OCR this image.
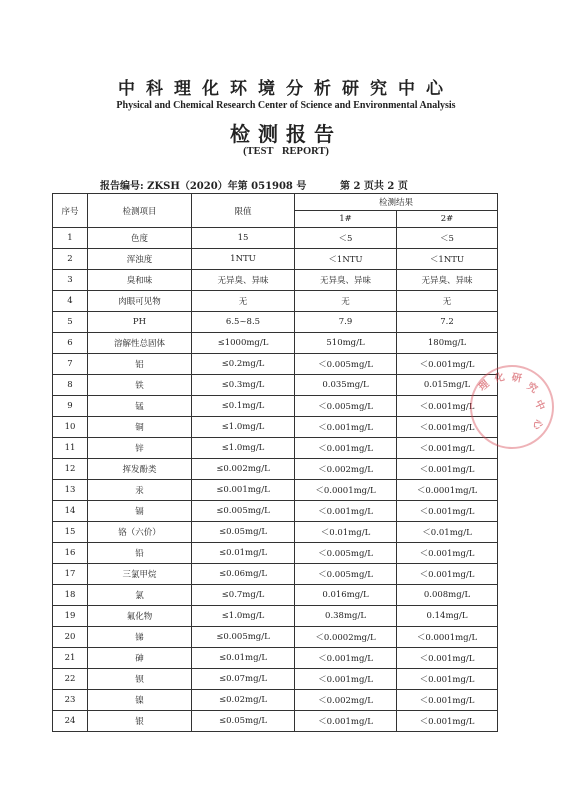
中科理化环境分析研究中心
Physical and Chemical Research Center of Science and Environmental Analysis
检测报告
(TEST REPORT)
报告编号: ZKSH（2020）年第 051908 号	第 2 页共 2 页
序号	检测项目	限值	检测结果	
			1#	2#
1	色度	15	＜5	＜5
2	浑浊度	1NTU	＜1NTU	＜1NTU
3	臭和味	无异臭、异味	无异臭、异味	无异臭、异味
4	肉眼可见物	无	无	无
5	PH	6.5~8.5	7.9	7.2
6	溶解性总固体	≤1000mg/L	510mg/L	180mg/L
7	铝	≤0.2mg/L	＜0.005mg/L	＜0.001mg/L
8	铁	≤0.3mg/L	0.035mg/L	0.015mg/L
9	锰	≤0.1mg/L	＜0.005mg/L	＜0.001mg/L
10	铜	≤1.0mg/L	＜0.001mg/L	＜0.001mg/L
11	锌	≤1.0mg/L	＜0.001mg/L	＜0.001mg/L
12	挥发酚类	≤0.002mg/L	＜0.002mg/L	＜0.001mg/L
13	汞	≤0.001mg/L	＜0.0001mg/L	＜0.0001mg/L
14	镉	≤0.005mg/L	＜0.001mg/L	＜0.001mg/L
15	铬（六价）	≤0.05mg/L	＜0.01mg/L	＜0.01mg/L
16	铅	≤0.01mg/L	＜0.005mg/L	＜0.001mg/L
17	三氯甲烷	≤0.06mg/L	＜0.005mg/L	＜0.001mg/L
18	氯	≤0.7mg/L	0.016mg/L	0.008mg/L
19	氟化物	≤1.0mg/L	0.38mg/L	0.14mg/L
20	锑	≤0.005mg/L	＜0.0002mg/L	＜0.0001mg/L
21	砷	≤0.01mg/L	＜0.001mg/L	＜0.001mg/L
22	钡	≤0.07mg/L	＜0.001mg/L	＜0.001mg/L
23	镍	≤0.02mg/L	＜0.002mg/L	＜0.001mg/L
24	银	≤0.05mg/L	＜0.001mg/L	＜0.001mg/L
理
化 研
究
中
心
